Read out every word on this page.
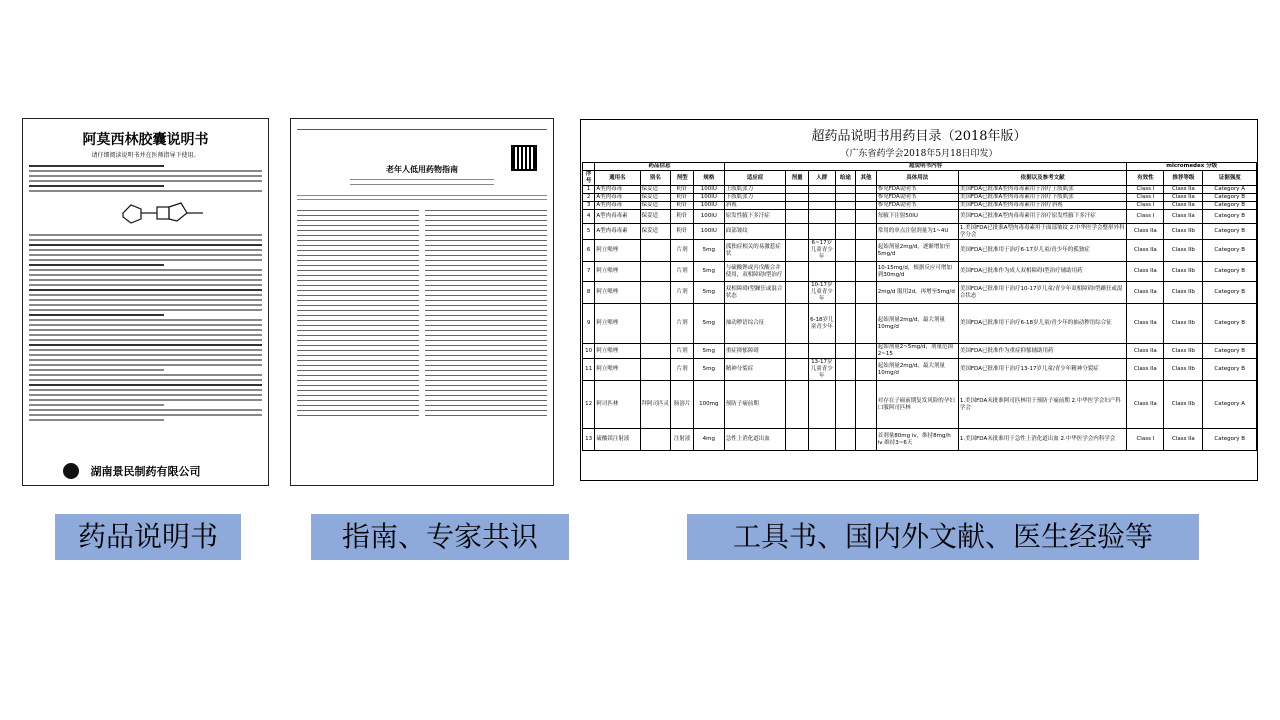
阿莫西林胶囊说明书
请仔细阅读说明书并在医师指导下使用。
湖南景民制药有限公司
老年人低用药物指南
超药品说明书用药目录（2018年版）
（广东省药学会2018年5月18日印发）
	药品信息				超说明书内容							micromedex 分级		
序号	通用名	别名	剂型	规格	适应症	剂量	人群	给途	其他	具体用法	依据以及参考文献	有效性	推荐等级	证据强度
1	A型肉毒毒	保妥适	粉针	100IU	上肢肌张力					参见FDA说明书	美国FDA已批准A型肉毒毒素用于治疗上肢肌张	Class I	Class IIa	Category A
2	A型肉毒毒	保妥适	粉针	100IU	下肢肌张力					参见FDA说明书	美国FDA已批准A型肉毒毒素用于治疗下肢肌张	Class I	Class IIa	Category B
3	A型肉毒毒	保妥适	粉针	100IU	斜视					参见FDA说明书	美国FDA已批准A型肉毒毒素用于治疗斜视	Class I	Class IIa	Category B
4	A型肉毒毒素	保妥适	粉针	100IU	原发性腋下多汗症					每腋下注射50IU	美国FDA已批准A型肉毒毒素用于治疗原发性腋下多汗症	Class I	Class IIa	Category B
5	A型肉毒毒素	保妥适	粉针	100IU	面部皱纹					常用的单点注射剂量为1~4U	1.美国FDA已批准A型肉毒毒素用于面部皱纹 2.中华医学会整形外科学分会	Class IIa	Class IIb	Category B
6	阿立哌唑		片剂	5mg	孤独症相关的易激惹症状		6~17岁儿童青少年			起始剂量2mg/d，逐渐增加至5mg/d	美国FDA已批准用于治疗6-17岁儿童/青少年的孤独症	Class IIa	Class IIb	Category B
7	阿立哌唑		片剂	5mg	与硫酸锂或丙戊酸合并使用，双相障碍I型治疗					10-15mg/d，根据反应可增加到30mg/d	美国FDA已批准作为成人双相障碍I型治疗辅助用药	Class IIa	Class IIb	Category B
8	阿立哌唑		片剂	5mg	双相障碍I型躁狂或混合状态		10-17岁儿童青少年			2mg/d 服用2d，再增至5mg/d	美国FDA已批准用于治疗10-17岁儿童/青少年双相障碍I型躁狂或混合状态	Class IIa	Class IIb	Category B
9	阿立哌唑		片剂	5mg	抽动秽语综合征		6-18岁儿童青少年			起始剂量2mg/d，最大剂量10mg/d	美国FDA已批准用于治疗6-18岁儿童/青少年的抽动秽语综合征	Class IIa	Class IIb	Category B
10	阿立哌唑		片剂	5mg	重症抑郁障碍					起始剂量2~5mg/d，剂量范围2~15	美国FDA已批准作为重症抑郁辅助用药	Class IIa	Class IIb	Category B
11	阿立哌唑		片剂	5mg	精神分裂症		13-17岁儿童青少年			起始剂量2mg/d，最大剂量10mg/d	美国FDA已批准用于治疗13-17岁儿童/青少年精神分裂症	Class IIa	Class IIb	Category B
12	阿司匹林	拜阿司匹灵	肠溶片	100mg	预防子痫前期					对存在子痫前期复发风险的孕妇口服阿司匹林	1.美国FDA未批准阿司匹林用于预防子痫前期 2.中华医学会妇产科学会	Class IIa	Class IIb	Category A
13	硫酸镁注射液		注射液	4mg	急性上消化道出血					首剂量80mg iv，维持8mg/h iv 维持3~6天	1.美国FDA未批准用于急性上消化道出血 2.中华医学会内科学会	Class I	Class IIa	Category B
药品说明书	指南、专家共识	工具书、国内外文献、医生经验等
